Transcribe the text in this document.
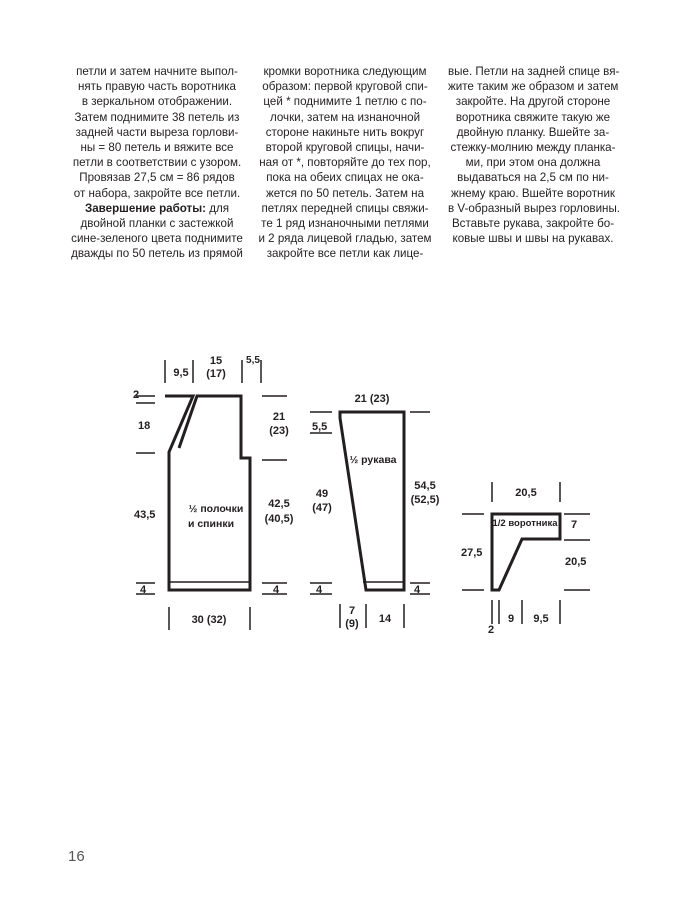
петли и затем начните выпол-

нять правую часть воротника

в зеркальном отображении.

Затем поднимите 38 петель из

задней части выреза горлови-

ны = 80 петель и вяжите все

петли в соответствии с узором.

Провязав 27,5 см = 86 рядов

от набора, закройте все петли.

Завершение работы: для

двойной планки с застежкой

сине-зеленого цвета поднимите

дважды по 50 петель из прямой

кромки воротника следующим

образом: первой круговой спи-

цей * поднимите 1 петлю с по-

лочки, затем на изнаночной

стороне накиньте нить вокруг

второй круговой спицы, начи-

ная от *, повторяйте до тех пор,

пока на обеих спицах не ока-

жется по 50 петель. Затем на

петлях передней спицы свяжи-

те 1 ряд изнаночными петлями

и 2 ряда лицевой гладью, затем

закройте все петли как лице-

вые. Петли на задней спице вя-

жите таким же образом и затем

закройте. На другой стороне

воротника свяжите такую же

двойную планку. Вшейте за-

стежку-молнию между планка-

ми, при этом она должна

выдаваться на 2,5 см по ни-

жнему краю. Вшейте воротник

в V-образный вырез горловины.

Вставьте рукава, закройте бо-

ковые швы и швы на рукавах.

½ полочки
и спинки
9,5
15
(17)
5,5
2
18
43,5
4
21
(23)
42,5
(40,5)
4
30 (32)
½ рукава
21 (23)
5,5
49
(47)
4
54,5
(52,5)
4
7
(9) 14
1/2 воротника
20,5
27,5
7
20,5
2
9 9,5
16
